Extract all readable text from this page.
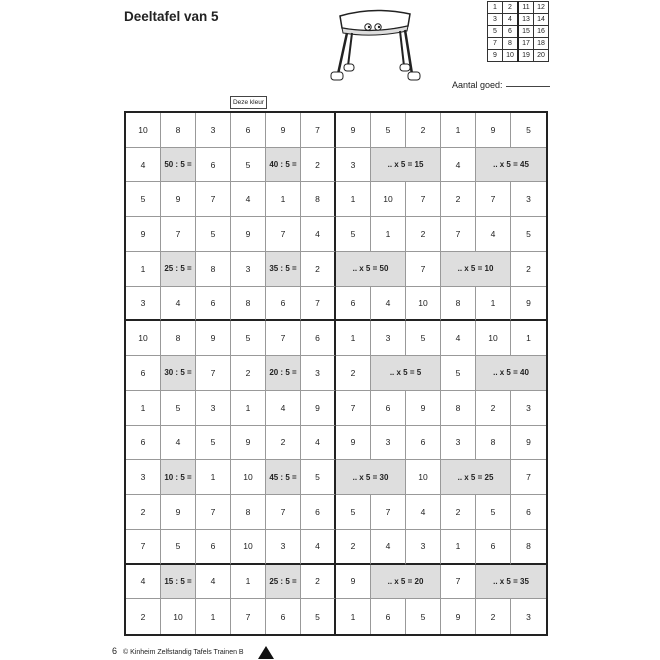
Deeltafel van 5
1	2	11	12
3	4	13	14
5	6	15	16
7	8	17	18
9	10	19	20
Aantal goed:
Deze kleur
10	8	3	6	9	7	9	5	2	1	9	5
4	50 : 5 =	6	5	40 : 5 =	2	3	.. x 5 = 15	4	.. x 5 = 45
5	9	7	4	1	8	1	10	7	2	7	3
9	7	5	9	7	4	5	1	2	7	4	5
1	25 : 5 =	8	3	35 : 5 =	2	.. x 5 = 50	7	.. x 5 = 10	2
3	4	6	8	6	7	6	4	10	8	1	9
10	8	9	5	7	6	1	3	5	4	10	1
6	30 : 5 =	7	2	20 : 5 =	3	2	.. x 5 = 5	5	.. x 5 = 40
1	5	3	1	4	9	7	6	9	8	2	3
6	4	5	9	2	4	9	3	6	3	8	9
3	10 : 5 =	1	10	45 : 5 =	5	.. x 5 = 30	10	.. x 5 = 25	7
2	9	7	8	7	6	5	7	4	2	5	6
7	5	6	10	3	4	2	4	3	1	6	8
4	15 : 5 =	4	1	25 : 5 =	2	9	.. x 5 = 20	7	.. x 5 = 35
2	10	1	7	6	5	1	6	5	9	2	3
6 © Kinheim Zelfstandig Tafels Trainen B
